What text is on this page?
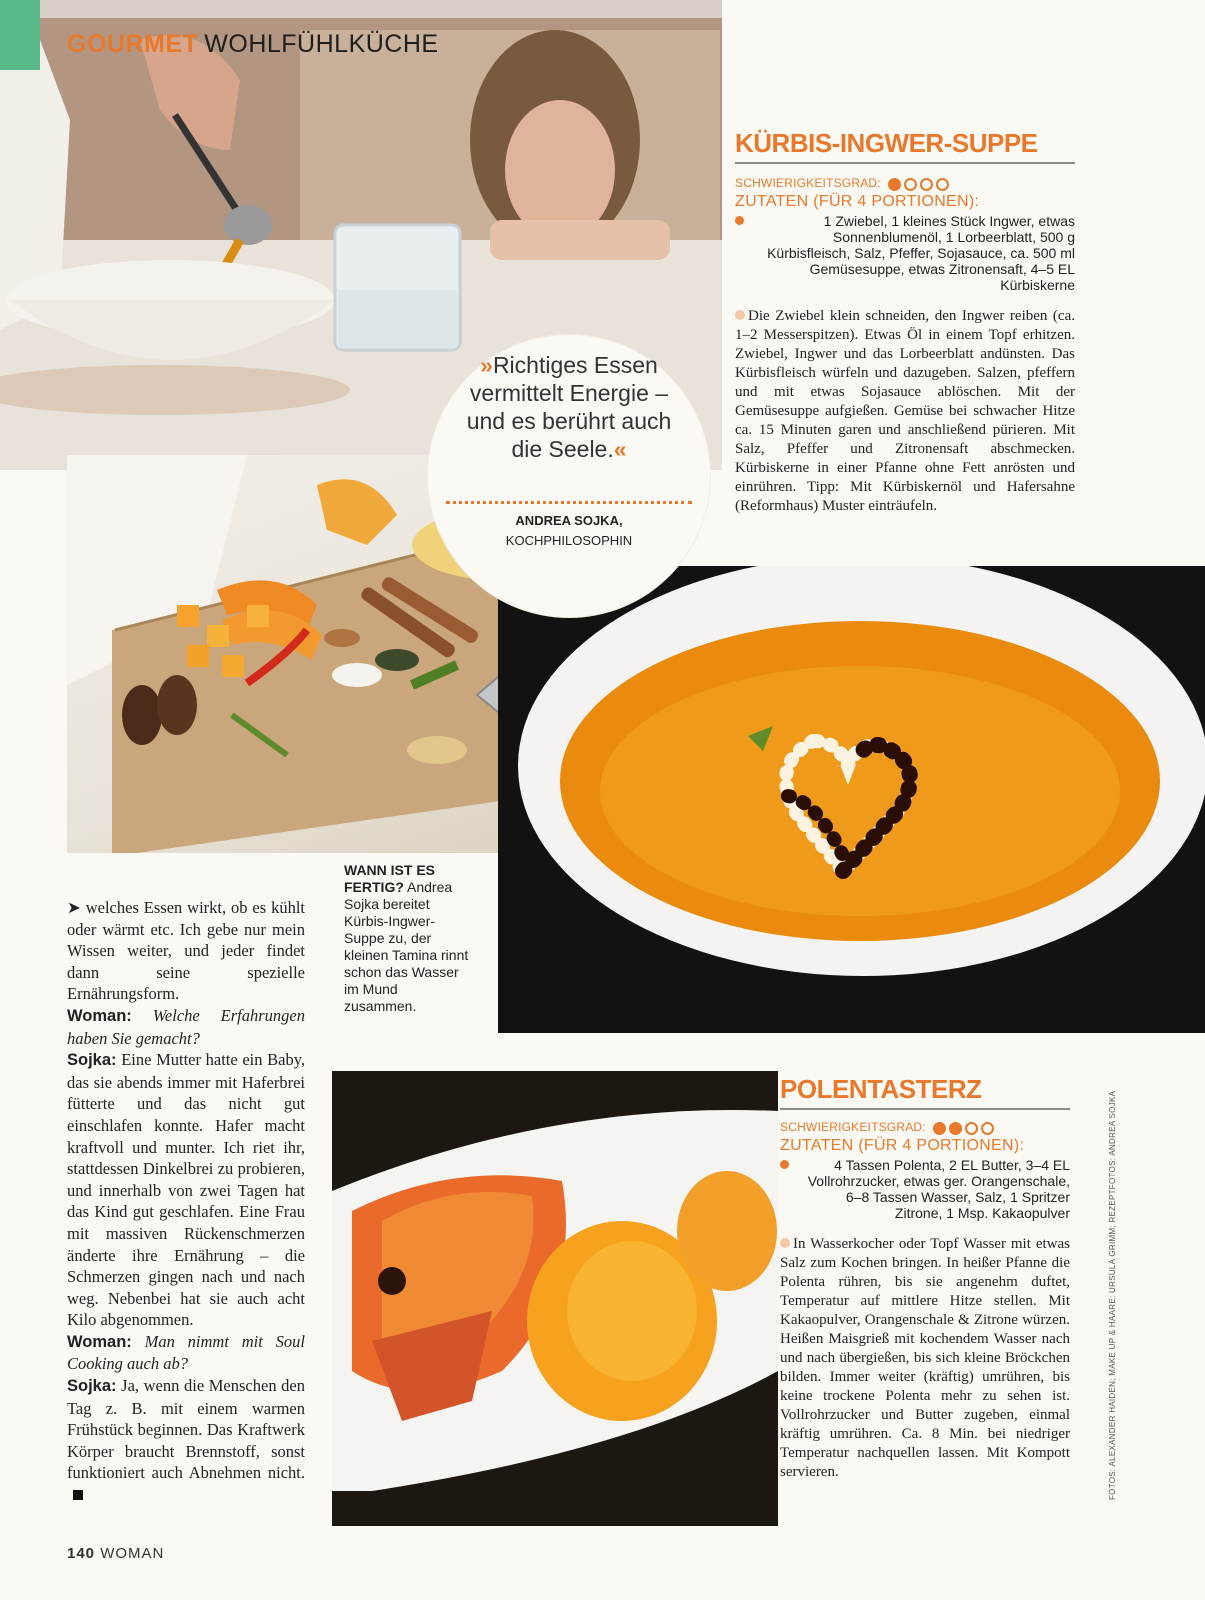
GOURMET WOHLFÜHLKÜCHE
»Richtiges Essen vermittelt Energie – und es berührt auch die Seele.«
ANDREA SOJKA,
KOCHPHILOSOPHIN
KÜRBIS-INGWER-SUPPE
SCHWIERIGKEITSGRAD:
ZUTATEN (FÜR 4 PORTIONEN):
1 Zwiebel, 1 kleines Stück Ingwer, etwas Sonnenblumenöl, 1 Lorbeerblatt, 500 g Kürbisfleisch, Salz, Pfeffer, Sojasauce, ca. 500 ml Gemüsesuppe, etwas Zitronensaft, 4–5 EL Kürbiskerne
Die Zwiebel klein schneiden, den Ingwer reiben (ca. 1–2 Messerspitzen). Etwas Öl in einem Topf erhitzen. Zwiebel, Ingwer und das Lorbeerblatt andünsten. Das Kürbisfleisch würfeln und dazugeben. Salzen, pfeffern und mit etwas Sojasauce ablöschen. Mit der Gemüsesuppe aufgießen. Gemüse bei schwacher Hitze ca. 15 Minuten garen und anschließend pürieren. Mit Salz, Pfeffer und Zitronensaft abschmecken. Kürbiskerne in einer Pfanne ohne Fett anrösten und einrühren. Tipp: Mit Kürbiskernöl und Hafersahne (Reformhaus) Muster einträufeln.
WANN IST ES FERTIG? Andrea Sojka bereitet Kürbis-Ingwer-Suppe zu, der kleinen Tamina rinnt schon das Wasser im Mund zusammen.

➤ welches Essen wirkt, ob es kühlt oder wärmt etc. Ich gebe nur mein Wissen weiter, und jeder findet dann seine spezielle Ernährungsform.

Woman: Welche Erfahrungen haben Sie gemacht?

Sojka: Eine Mutter hatte ein Baby, das sie abends immer mit Haferbrei fütterte und das nicht gut einschlafen konnte. Hafer macht kraftvoll und munter. Ich riet ihr, stattdessen Dinkelbrei zu probieren, und innerhalb von zwei Tagen hat das Kind gut geschlafen. Eine Frau mit massiven Rückenschmerzen änderte ihre Ernährung – die Schmerzen gingen nach und nach weg. Nebenbei hat sie auch acht Kilo abgenommen.

Woman: Man nimmt mit Soul Cooking auch ab?

Sojka: Ja, wenn die Menschen den Tag z. B. mit einem warmen Frühstück beginnen. Das Kraftwerk Körper braucht Brennstoff, sonst funktioniert auch Abnehmen nicht.

POLENTASTERZ
SCHWIERIGKEITSGRAD:
ZUTATEN (FÜR 4 PORTIONEN):
4 Tassen Polenta, 2 EL Butter, 3–4 EL Vollrohrzucker, etwas ger. Orangenschale, 6–8 Tassen Wasser, Salz, 1 Spritzer Zitrone, 1 Msp. Kakaopulver
In Wasserkocher oder Topf Wasser mit etwas Salz zum Kochen bringen. In heißer Pfanne die Polenta rühren, bis sie angenehm duftet, Temperatur auf mittlere Hitze stellen. Mit Kakaopulver, Orangenschale & Zitrone würzen. Heißen Maisgrieß mit kochendem Wasser nach und nach übergießen, bis sich kleine Bröckchen bilden. Immer weiter (kräftig) umrühren, bis keine trockene Polenta mehr zu sehen ist. Vollrohrzucker und Butter zugeben, einmal kräftig umrühren. Ca. 8 Min. bei niedriger Temperatur nachquellen lassen. Mit Kompott servieren.	FOTOS: ALEXANDER HAIDEN; MAKE UP & HAARE: URSULA GRIMM; REZEPTFOTOS: ANDREA SOJKA
140 WOMAN
